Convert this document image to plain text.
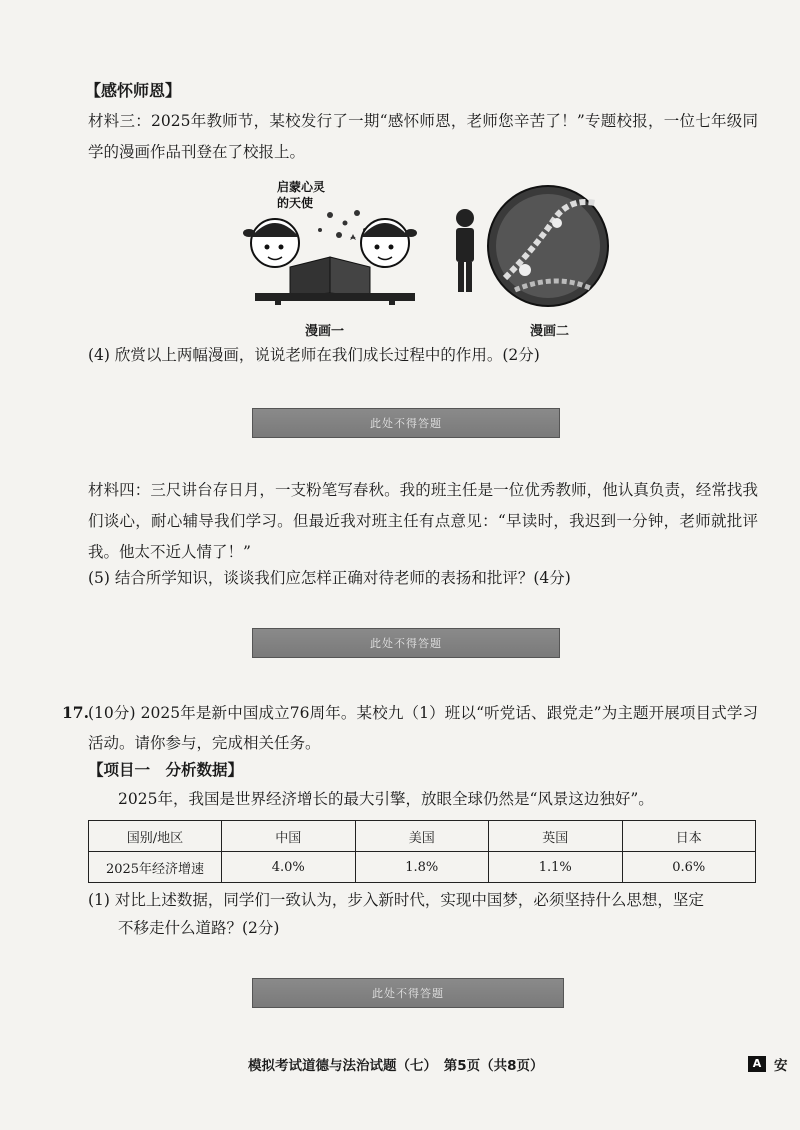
【感怀师恩】
材料三：2025年教师节，某校发行了一期“感怀师恩，老师您辛苦了！”专题校报，一位七年级同学的漫画作品刊登在了校报上。
启蒙心灵
的天使
漫画一	漫画二
(4) 欣赏以上两幅漫画，说说老师在我们成长过程中的作用。(2分)
此处不得答题
材料四：三尺讲台存日月，一支粉笔写春秋。我的班主任是一位优秀教师，他认真负责，经常找我们谈心，耐心辅导我们学习。但最近我对班主任有点意见：“早读时，我迟到一分钟，老师就批评我。他太不近人情了！”
(5) 结合所学知识，谈谈我们应怎样正确对待老师的表扬和批评？(4分)
此处不得答题
17. (10分) 2025年是新中国成立76周年。某校九（1）班以“听党话、跟党走”为主题开展项目式学习活动。请你参与，完成相关任务。
【项目一　分析数据】
2025年，我国是世界经济增长的最大引擎，放眼全球仍然是“风景这边独好”。
国别/地区	中国	美国	英国	日本
2025年经济增速	4.0%	1.8%	1.1%	0.6%
(1) 对比上述数据，同学们一致认为，步入新时代，实现中国梦，必须坚持什么思想，坚定
不移走什么道路？(2分)
此处不得答题
模拟考试道德与法治试题（七）　第5页（共8页）	A 安
